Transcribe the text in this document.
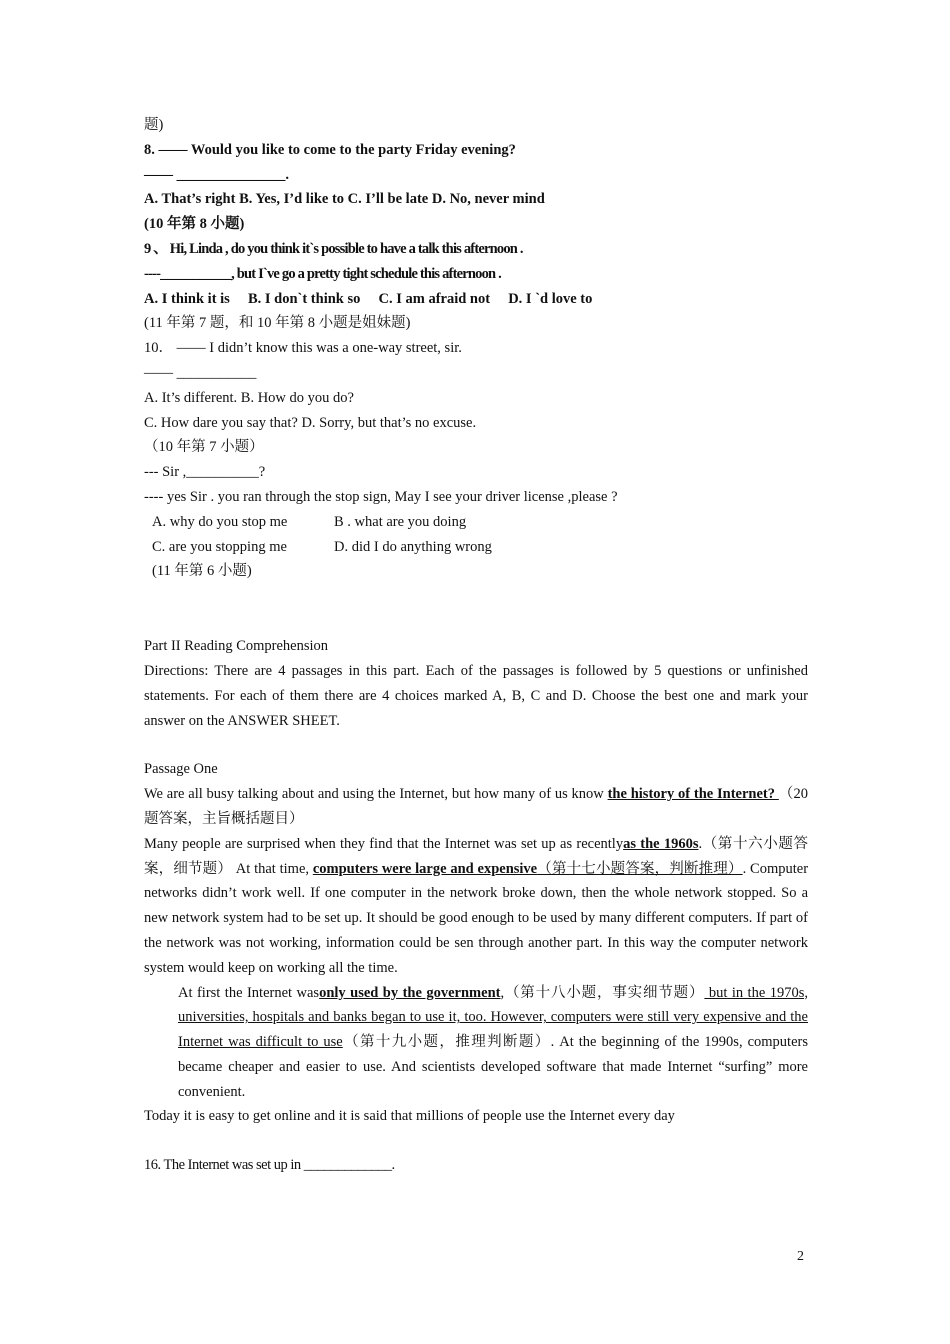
题)

8. —— Would you like to come to the party Friday evening?

—— _______________.

A. That’s right B. Yes, I’d like to C. I’ll be late D. No, never mind

(10 年第 8 小题)

9 、 Hi, Linda , do you think it`s possible to have a talk this afternoon .

----___________, but I`ve go a pretty tight schedule this afternoon .

A. I think it is B. I don`t think so C. I am afraid not D. I `d love to

(11 年第 7 题，和 10 年第 8 小题是姐妹题)

10． —— I didn’t know this was a one-way street, sir.

—— ___________

A. It’s different. B. How do you do?

C. How dare you say that? D. Sorry, but that’s no excuse.

（10 年第 7 小题）

--- Sir ,__________?

---- yes Sir . you ran through the stop sign, May I see your driver license ,please ?

A. why do you stop me	B . what are you doing

C. are you stopping me	D. did I do anything wrong

(11 年第 6 小题)

Part II Reading Comprehension

Directions: There are 4 passages in this part. Each of the passages is followed by 5 questions or unfinished statements. For each of them there are 4 choices marked A, B, C and D. Choose the best one and mark your answer on the ANSWER SHEET.

Passage One

We are all busy talking about and using the Internet, but how many of us know the history of the Internet? （20 题答案，主旨概括题目）

Many people are surprised when they find that the Internet was set up as recentlyas the 1960s.（第十六小题答案，细节题） At that time, computers were large and expensive（第十七小题答案，判断推理）. Computer networks didn’t work well. If one computer in the network broke down, then the whole network stopped. So a new network system had to be set up. It should be good enough to be used by many different computers. If part of the network was not working, information could be sen through another part. In this way the computer network system would keep on working all the time.

At first the Internet wasonly used by the government,（第十八小题，事实细节题） but in the 1970s, universities, hospitals and banks began to use it, too. However, computers were still very expensive and the Internet was difficult to use（第十九小题，推理判断题）. At the beginning of the 1990s, computers became cheaper and easier to use. And scientists developed software that made Internet “surfing” more convenient.

Today it is easy to get online and it is said that millions of people use the Internet every day

16. The Internet was set up in _____________.

2
